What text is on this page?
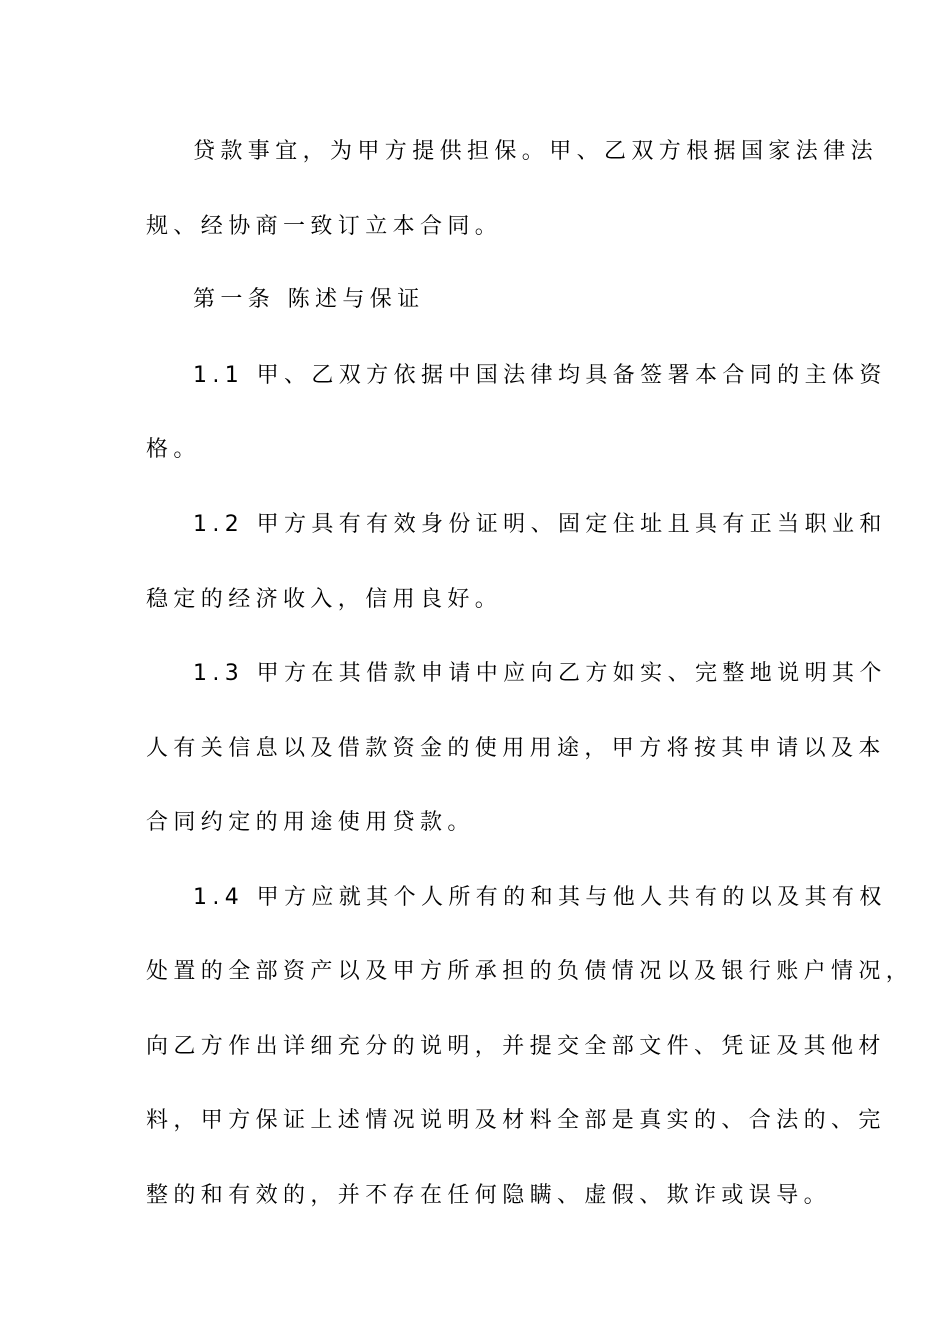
贷款事宜，为甲方提供担保。甲、乙双方根据国家法律法
规、经协商一致订立本合同。
第一条 陈述与保证
1.1 甲、乙双方依据中国法律均具备签署本合同的主体资
格。
1.2 甲方具有有效身份证明、固定住址且具有正当职业和
稳定的经济收入，信用良好。
1.3 甲方在其借款申请中应向乙方如实、完整地说明其个
人有关信息以及借款资金的使用用途，甲方将按其申请以及本
合同约定的用途使用贷款。
1.4 甲方应就其个人所有的和其与他人共有的以及其有权
处置的全部资产以及甲方所承担的负债情况以及银行账户情况，
向乙方作出详细充分的说明，并提交全部文件、凭证及其他材
料，甲方保证上述情况说明及材料全部是真实的、合法的、完
整的和有效的，并不存在任何隐瞒、虚假、欺诈或误导。
